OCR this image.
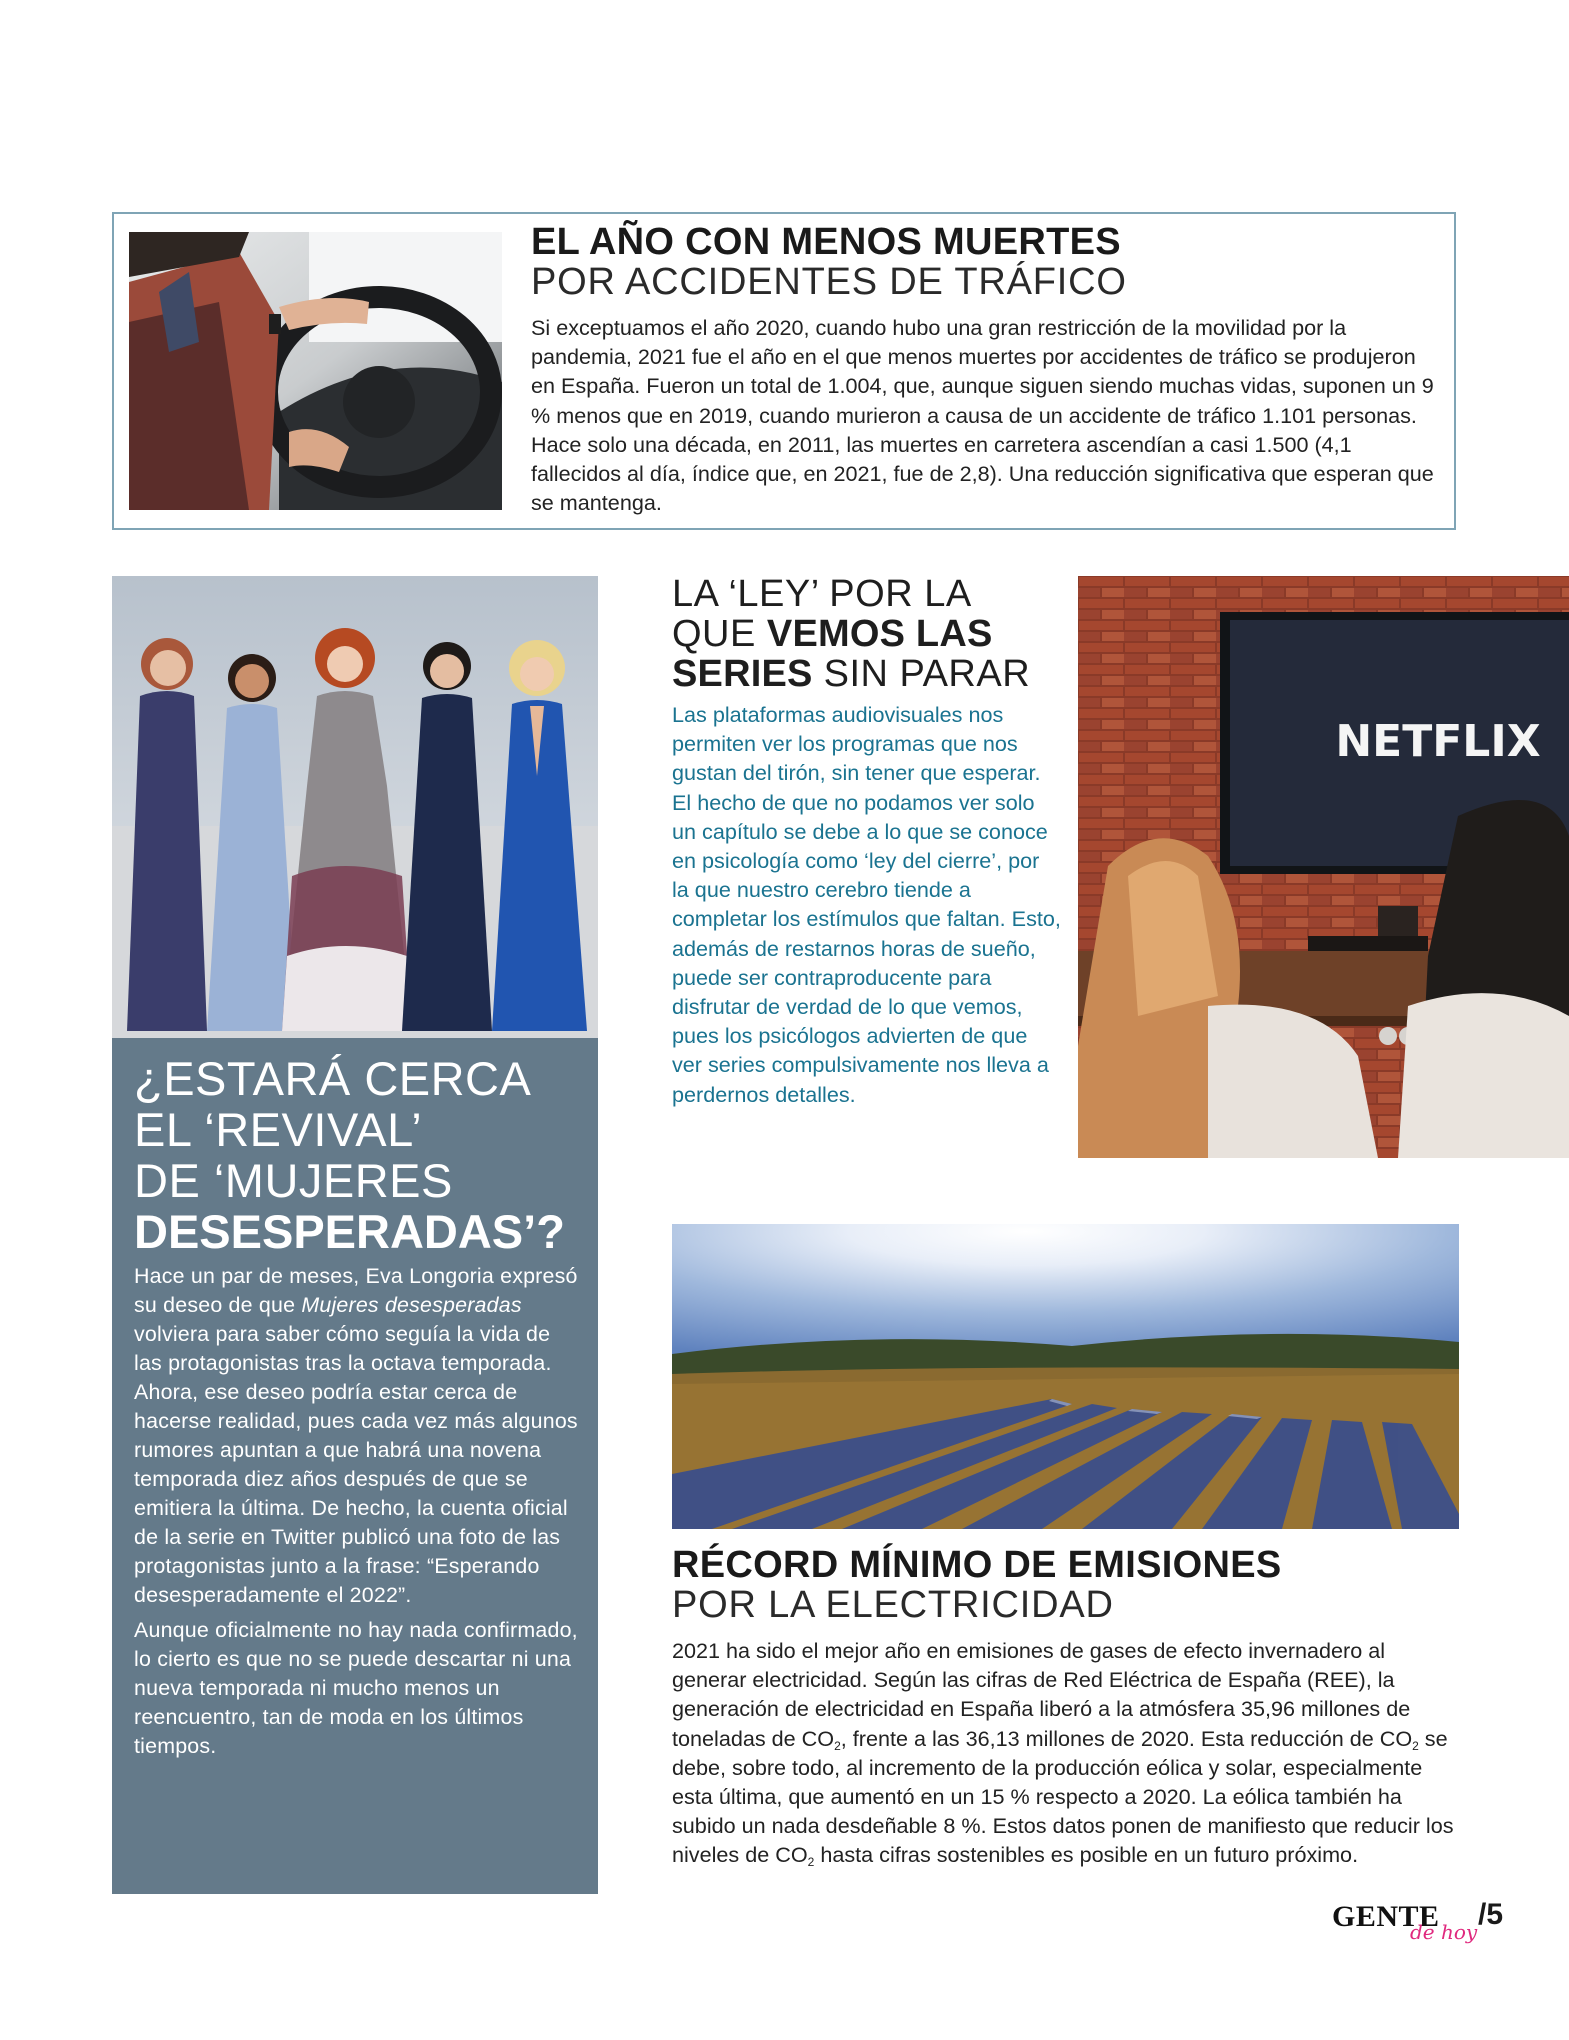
EL AÑO CON MENOS MUERTES
POR ACCIDENTES DE TRÁFICO
Si exceptuamos el año 2020, cuando hubo una gran restricción de la movilidad por la pandemia, 2021 fue el año en el que menos muertes por accidentes de tráfico se produjeron en España. Fueron un total de 1.004, que, aunque siguen siendo muchas vidas, suponen un 9 % menos que en 2019, cuando murieron a causa de un accidente de tráfico 1.101 personas. Hace solo una década, en 2011, las muertes en carretera ascendían a casi 1.500 (4,1 fallecidos al día, índice que, en 2021, fue de 2,8). Una reducción significativa que esperan que se mantenga.
¿ESTARÁ CERCA
EL ‘REVIVAL’
DE ‘MUJERES
DESESPERADAS’?

Hace un par de meses, Eva Longoria expresó su deseo de que Mujeres desesperadas volviera para saber cómo seguía la vida de las protagonistas tras la octava temporada. Ahora, ese deseo podría estar cerca de hacerse realidad, pues cada vez más algunos rumores apuntan a que habrá una novena temporada diez años después de que se emitiera la última. De hecho, la cuenta oficial de la serie en Twitter publicó una foto de las protagonistas junto a la frase: “Esperando desesperadamente el 2022”.

Aunque oficialmente no hay nada confirmado, lo cierto es que no se puede descartar ni una nueva temporada ni mucho menos un reencuentro, tan de moda en los últimos tiempos.

LA ‘LEY’ POR LA
QUE VEMOS LAS
SERIES SIN PARAR
Las plataformas audiovisuales nos permiten ver los programas que nos gustan del tirón, sin tener que esperar. El hecho de que no podamos ver solo un capítulo se debe a lo que se conoce en psicología como ‘ley del cierre’, por la que nuestro cerebro tiende a completar los estímulos que faltan. Esto, además de restarnos horas de sueño, puede ser contraproducente para disfrutar de verdad de lo que vemos, pues los psicólogos advierten de que ver series compulsivamente nos lleva a perdernos detalles.
NETFLIX
RÉCORD MÍNIMO DE EMISIONES
POR LA ELECTRICIDAD
2021 ha sido el mejor año en emisiones de gases de efecto invernadero al generar electricidad. Según las cifras de Red Eléctrica de España (REE), la generación de electricidad en España liberó a la atmósfera 35,96 millones de toneladas de $CO_2$, frente a las 36,13 millones de 2020. Esta reducción de $CO_2$ se debe, sobre todo, al incremento de la producción eólica y solar, especialmente esta última, que aumentó en un 15 % respecto a 2020. La eólica también ha subido un nada desdeñable 8 %. Estos datos ponen de manifiesto que reducir los niveles de $CO_2$ hasta cifras sostenibles es posible en un futuro próximo.
GENTE
de hoy
/5
